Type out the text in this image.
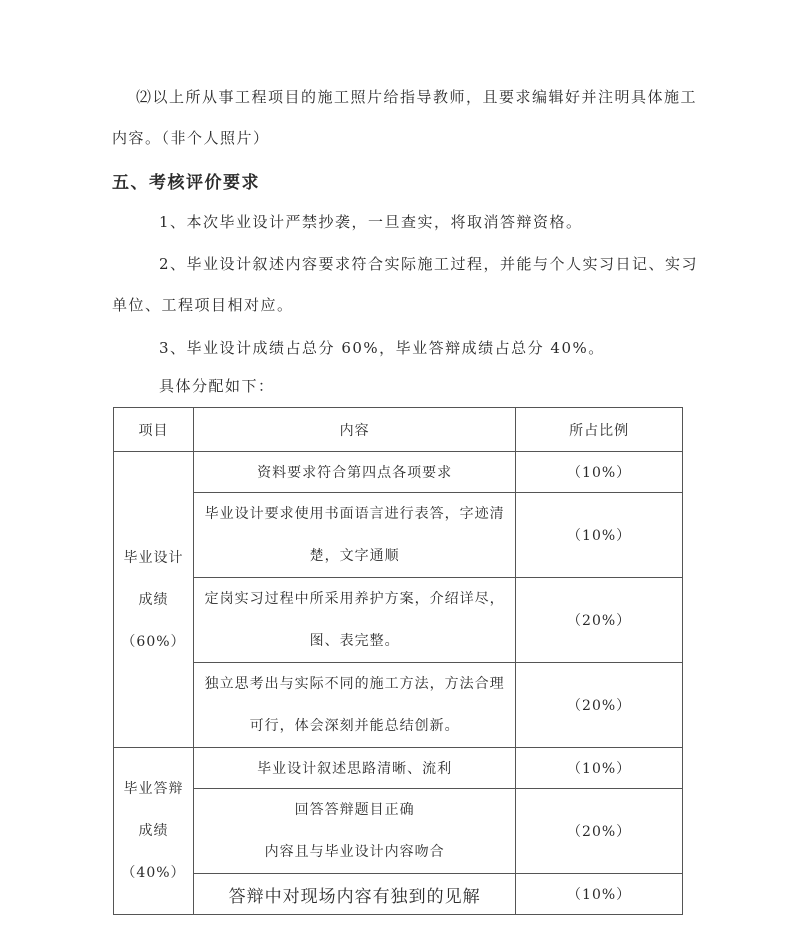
⑵以上所从事工程项目的施工照片给指导教师，且要求编辑好并注明具体施工
内容。（非个人照片）
五、考核评价要求
1、本次毕业设计严禁抄袭，一旦查实，将取消答辩资格。
2、毕业设计叙述内容要求符合实际施工过程，并能与个人实习日记、实习
单位、工程项目相对应。
3、毕业设计成绩占总分 60%，毕业答辩成绩占总分 40%。
具体分配如下：
项目	内容	所占比例

毕业设计
成绩
（60%）	资料要求符合第四点各项要求	（10%）

	毕业设计要求使用书面语言进行表答，字迹清
楚，文字通顺	（10%）

	定岗实习过程中所采用养护方案，介绍详尽，
图、表完整。	（20%）

	独立思考出与实际不同的施工方法，方法合理
可行，体会深刻并能总结创新。	（20%）

毕业答辩
成绩
（40%）	毕业设计叙述思路清晰、流利	（10%）

	回答答辩题目正确
内容且与毕业设计内容吻合	（20%）

	答辩中对现场内容有独到的见解	（10%）
